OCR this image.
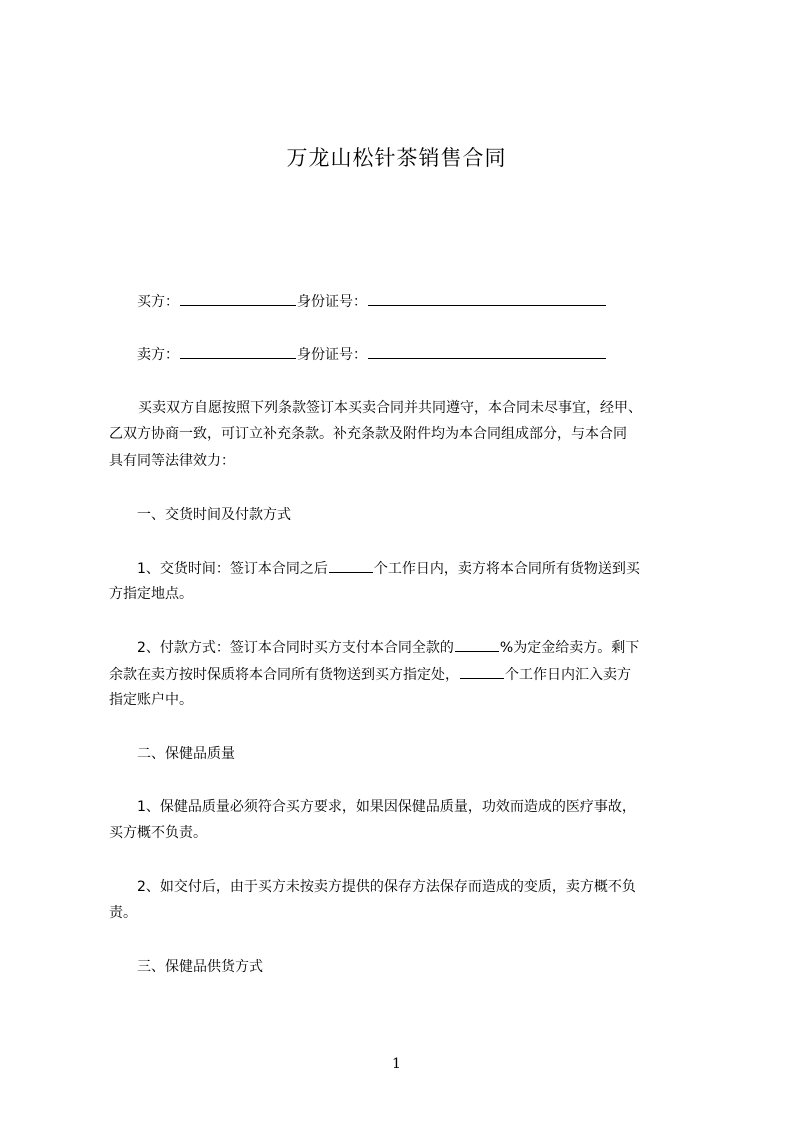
万龙山松针茶销售合同
买方：	身份证号：
卖方：	身份证号：
买卖双方自愿按照下列条款签订本买卖合同并共同遵守，本合同未尽事宜，经甲、
乙双方协商一致，可订立补充条款。补充条款及附件均为本合同组成部分，与本合同
具有同等法律效力：
一、交货时间及付款方式
1、交货时间：签订本合同之后	个工作日内，卖方将本合同所有货物送到买
方指定地点。
2、付款方式：签订本合同时买方支付本合同全款的	%为定金给卖方。剩下
余款在卖方按时保质将本合同所有货物送到买方指定处，	个工作日内汇入卖方
指定账户中。
二、保健品质量
1、保健品质量必须符合买方要求，如果因保健品质量，功效而造成的医疗事故，
买方概不负责。
2、如交付后，由于买方未按卖方提供的保存方法保存而造成的变质，卖方概不负
责。
三、保健品供货方式
1
